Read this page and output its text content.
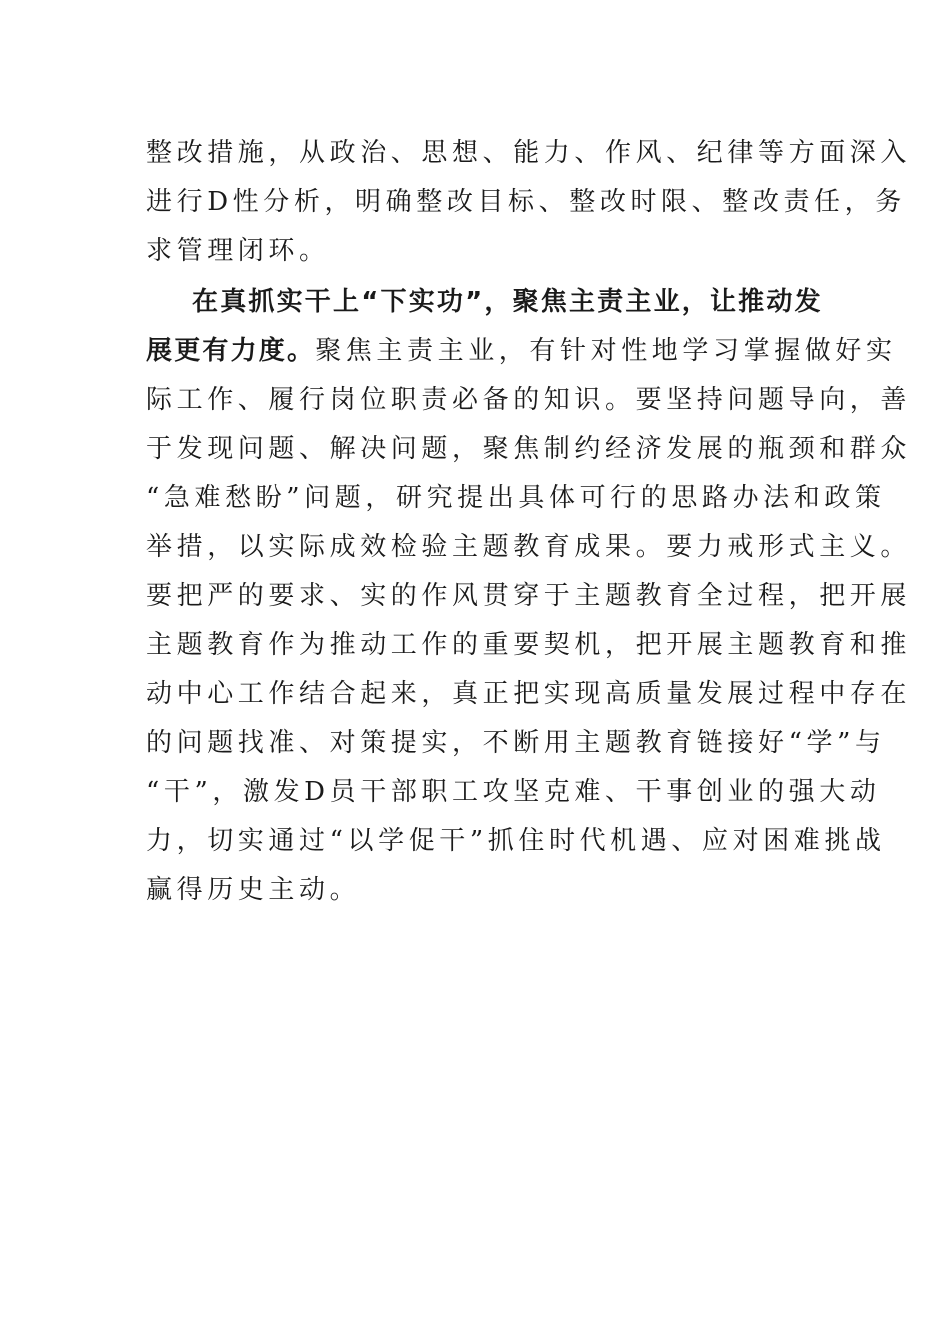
整改措施，从政治、思想、能力、作风、纪律等方面深入
进行D性分析，明确整改目标、整改时限、整改责任，务
求管理闭环。
在真抓实干上“下实功”，聚焦主责主业，让推动发
展更有力度。聚焦主责主业，有针对性地学习掌握做好实
际工作、履行岗位职责必备的知识。要坚持问题导向，善
于发现问题、解决问题，聚焦制约经济发展的瓶颈和群众
“急难愁盼”问题，研究提出具体可行的思路办法和政策
举措，以实际成效检验主题教育成果。要力戒形式主义。
要把严的要求、实的作风贯穿于主题教育全过程，把开展
主题教育作为推动工作的重要契机，把开展主题教育和推
动中心工作结合起来，真正把实现高质量发展过程中存在
的问题找准、对策提实，不断用主题教育链接好“学”与
“干”，激发D员干部职工攻坚克难、干事创业的强大动
力，切实通过“以学促干”抓住时代机遇、应对困难挑战
赢得历史主动。
